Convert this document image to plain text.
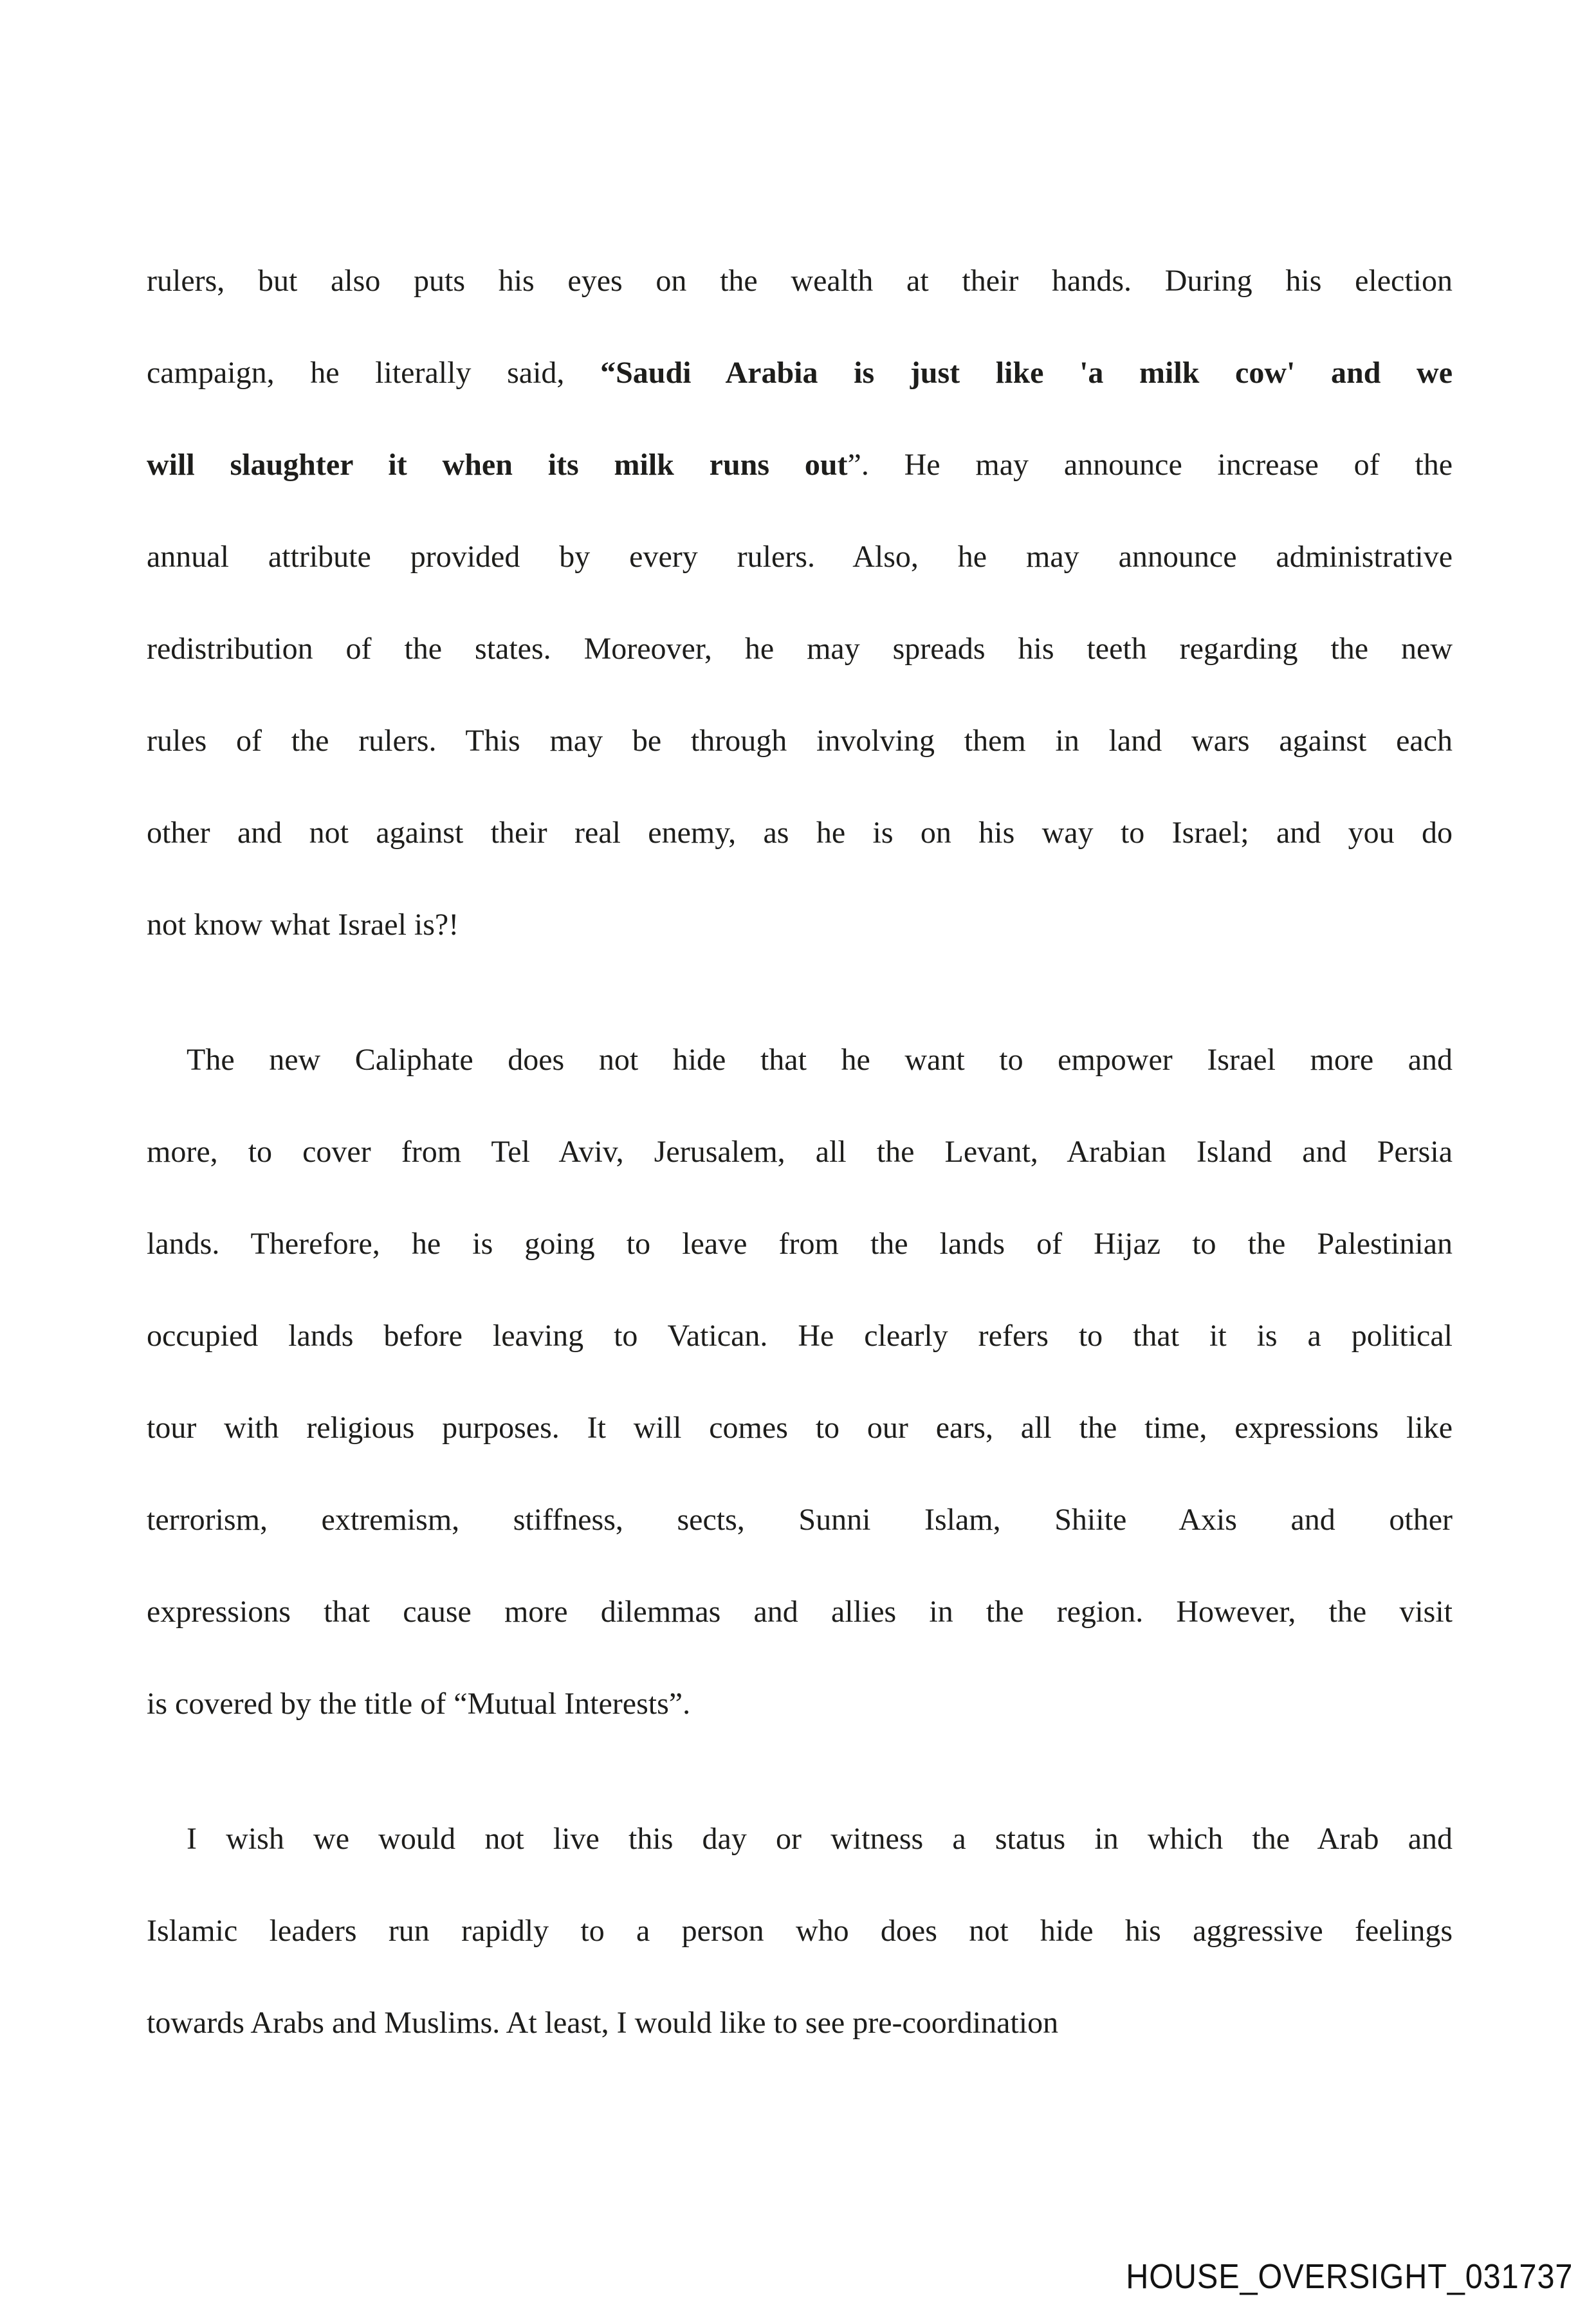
rulers, but also puts his eyes on the wealth at their hands. During his election
campaign, he literally said, “Saudi Arabia is just like 'a milk cow' and we
will slaughter it when its milk runs out”. He may announce increase of the
annual attribute provided by every rulers. Also, he may announce administrative
redistribution of the states. Moreover, he may spreads his teeth regarding the new
rules of the rulers. This may be through involving them in land wars against each
other and not against their real enemy, as he is on his way to Israel; and you do
not know what Israel is?!
The new Caliphate does not hide that he want to empower Israel more and
more, to cover from Tel Aviv, Jerusalem, all the Levant, Arabian Island and Persia
lands. Therefore, he is going to leave from the lands of Hijaz to the Palestinian
occupied lands before leaving to Vatican. He clearly refers to that it is a political
tour with religious purposes. It will comes to our ears, all the time, expressions like
terrorism, extremism, stiffness, sects, Sunni Islam, Shiite Axis and other
expressions that cause more dilemmas and allies in the region. However, the visit
is covered by the title of “Mutual Interests”.
I wish we would not live this day or witness a status in which the Arab and
Islamic leaders run rapidly to a person who does not hide his aggressive feelings
towards Arabs and Muslims. At least, I would like to see pre-coordination
HOUSE_OVERSIGHT_031737
